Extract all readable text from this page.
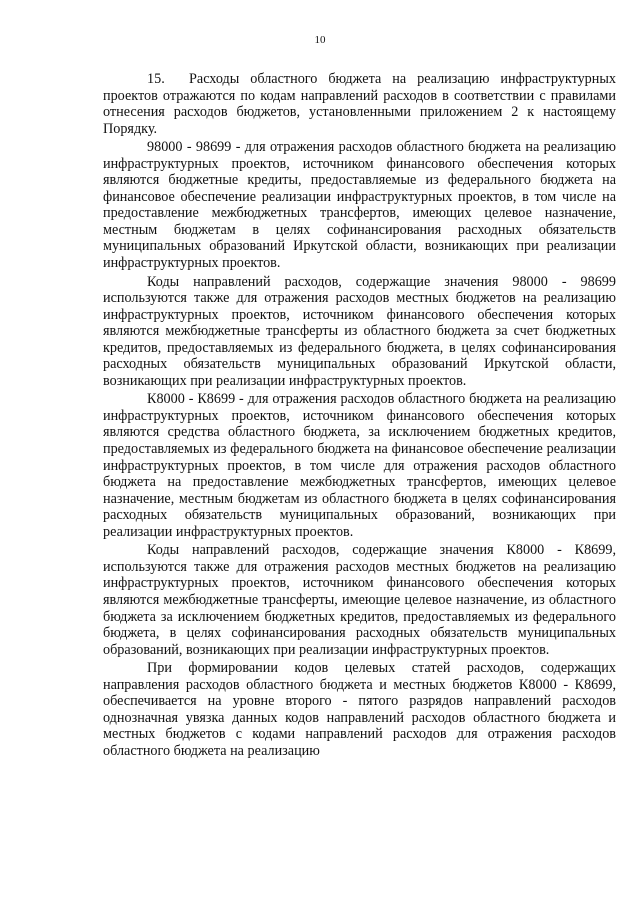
10

15. Расходы областного бюджета на реализацию инфраструктурных проектов отражаются по кодам направлений расходов в соответствии с правилами отнесения расходов бюджетов, установленными приложением 2 к настоящему Порядку.

98000 - 98699 - для отражения расходов областного бюджета на реализацию инфраструктурных проектов, источником финансового обеспечения которых являются бюджетные кредиты, предоставляемые из федерального бюджета на финансовое обеспечение реализации инфраструктурных проектов, в том числе на предоставление межбюджетных трансфертов, имеющих целевое назначение, местным бюджетам в целях софинансирования расходных обязательств муниципальных образований Иркутской области, возникающих при реализации инфраструктурных проектов.

Коды направлений расходов, содержащие значения 98000 - 98699 используются также для отражения расходов местных бюджетов на реализацию инфраструктурных проектов, источником финансового обеспечения которых являются межбюджетные трансферты из областного бюджета за счет бюджетных кредитов, предоставляемых из федерального бюджета, в целях софинансирования расходных обязательств муниципальных образований Иркутской области, возникающих при реализации инфраструктурных проектов.

К8000 - К8699 - для отражения расходов областного бюджета на реализацию инфраструктурных проектов, источником финансового обеспечения которых являются средства областного бюджета, за исключением бюджетных кредитов, предоставляемых из федерального бюджета на финансовое обеспечение реализации инфраструктурных проектов, в том числе для отражения расходов областного бюджета на предоставление межбюджетных трансфертов, имеющих целевое назначение, местным бюджетам из областного бюджета в целях софинансирования расходных обязательств муниципальных образований, возникающих при реализации инфраструктурных проектов.

Коды направлений расходов, содержащие значения К8000 - К8699, используются также для отражения расходов местных бюджетов на реализацию инфраструктурных проектов, источником финансового обеспечения которых являются межбюджетные трансферты, имеющие целевое назначение, из областного бюджета за исключением бюджетных кредитов, предоставляемых из федерального бюджета, в целях софинансирования расходных обязательств муниципальных образований, возникающих при реализации инфраструктурных проектов.

При формировании кодов целевых статей расходов, содержащих направления расходов областного бюджета и местных бюджетов К8000 - К8699, обеспечивается на уровне второго - пятого разрядов направлений расходов однозначная увязка данных кодов направлений расходов областного бюджета и местных бюджетов с кодами направлений расходов для отражения расходов областного бюджета на реализацию
